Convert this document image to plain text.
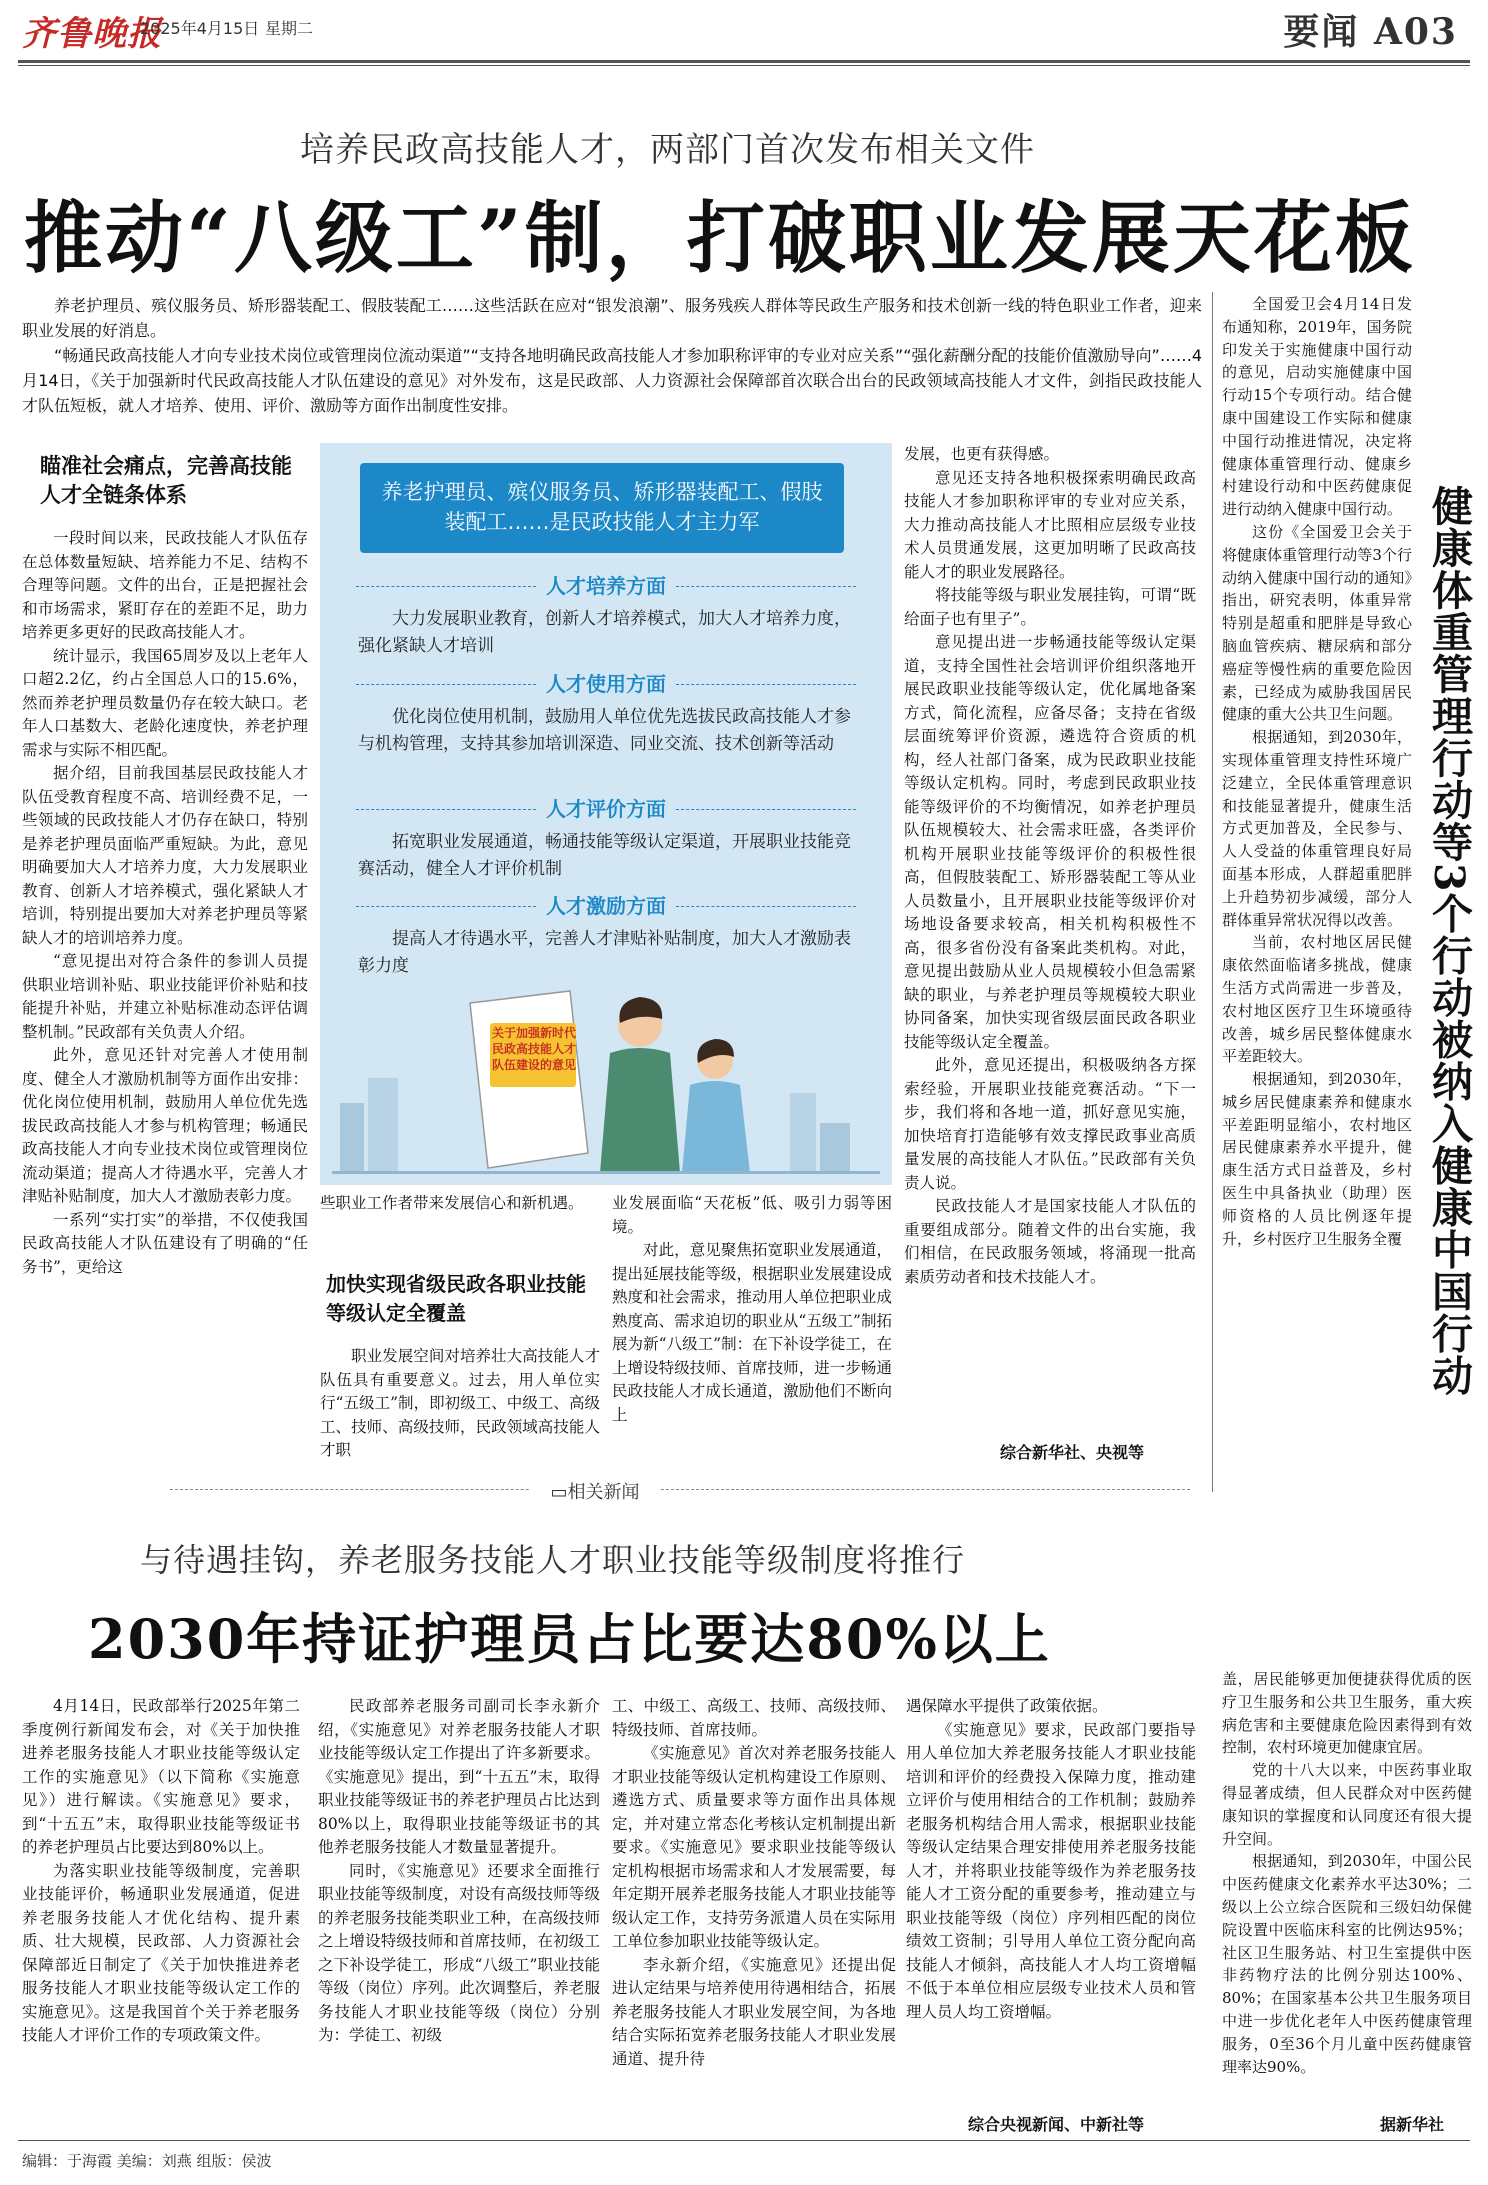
齐鲁晚报
2025年4月15日 星期二	要闻 A03
培养民政高技能人才，两部门首次发布相关文件
推动“八级工”制，打破职业发展天花板

养老护理员、殡仪服务员、矫形器装配工、假肢装配工……这些活跃在应对“银发浪潮”、服务残疾人群体等民政生产服务和技术创新一线的特色职业工作者，迎来职业发展的好消息。

“畅通民政高技能人才向专业技术岗位或管理岗位流动渠道”“支持各地明确民政高技能人才参加职称评审的专业对应关系”“强化薪酬分配的技能价值激励导向”……4月14日，《关于加强新时代民政高技能人才队伍建设的意见》对外发布，这是民政部、人力资源社会保障部首次联合出台的民政领域高技能人才文件，剑指民政技能人才队伍短板，就人才培养、使用、评价、激励等方面作出制度性安排。

瞄准社会痛点，完善高技能人才全链条体系

一段时间以来，民政技能人才队伍存在总体数量短缺、培养能力不足、结构不合理等问题。文件的出台，正是把握社会和市场需求，紧盯存在的差距不足，助力培养更多更好的民政高技能人才。

统计显示，我国65周岁及以上老年人口超2.2亿，约占全国总人口的15.6%，然而养老护理员数量仍存在较大缺口。老年人口基数大、老龄化速度快，养老护理需求与实际不相匹配。

据介绍，目前我国基层民政技能人才队伍受教育程度不高、培训经费不足，一些领域的民政技能人才仍存在缺口，特别是养老护理员面临严重短缺。为此，意见明确要加大人才培养力度，大力发展职业教育、创新人才培养模式，强化紧缺人才培训，特别提出要加大对养老护理员等紧缺人才的培训培养力度。

“意见提出对符合条件的参训人员提供职业培训补贴、职业技能评价补贴和技能提升补贴，并建立补贴标准动态评估调整机制。”民政部有关负责人介绍。

此外，意见还针对完善人才使用制度、健全人才激励机制等方面作出安排：优化岗位使用机制，鼓励用人单位优先选拔民政高技能人才参与机构管理；畅通民政高技能人才向专业技术岗位或管理岗位流动渠道；提高人才待遇水平，完善人才津贴补贴制度，加大人才激励表彰力度。

一系列“实打实”的举措，不仅使我国民政高技能人才队伍建设有了明确的“任务书”，更给这

养老护理员、殡仪服务员、矫形器装配工、假肢装配工……是民政技能人才主力军
人才培养方面
大力发展职业教育，创新人才培养模式，加大人才培养力度，强化紧缺人才培训
人才使用方面
优化岗位使用机制，鼓励用人单位优先选拔民政高技能人才参与机构管理，支持其参加培训深造、同业交流、技术创新等活动
人才评价方面
拓宽职业发展通道，畅通技能等级认定渠道，开展职业技能竞赛活动，健全人才评价机制
人才激励方面
提高人才待遇水平，完善人才津贴补贴制度，加大人才激励表彰力度
关于加强新时代民政高技能人才队伍建设的意见

些职业工作者带来发展信心和新机遇。

加快实现省级民政各职业技能等级认定全覆盖

职业发展空间对培养壮大高技能人才队伍具有重要意义。过去，用人单位实行“五级工”制，即初级工、中级工、高级工、技师、高级技师，民政领域高技能人才职

业发展面临“天花板”低、吸引力弱等困境。

对此，意见聚焦拓宽职业发展通道，提出延展技能等级，根据职业发展建设成熟度和社会需求，推动用人单位把职业成熟度高、需求迫切的职业从“五级工”制拓展为新“八级工”制：在下补设学徒工，在上增设特级技师、首席技师，进一步畅通民政技能人才成长通道，激励他们不断向上

发展，也更有获得感。

意见还支持各地积极探索明确民政高技能人才参加职称评审的专业对应关系，大力推动高技能人才比照相应层级专业技术人员贯通发展，这更加明晰了民政高技能人才的职业发展路径。

将技能等级与职业发展挂钩，可谓“既给面子也有里子”。

意见提出进一步畅通技能等级认定渠道，支持全国性社会培训评价组织落地开展民政职业技能等级认定，优化属地备案方式，简化流程，应备尽备；支持在省级层面统筹评价资源，遴选符合资质的机构，经人社部门备案，成为民政职业技能等级认定机构。同时，考虑到民政职业技能等级评价的不均衡情况，如养老护理员队伍规模较大、社会需求旺盛，各类评价机构开展职业技能等级评价的积极性很高，但假肢装配工、矫形器装配工等从业人员数量小，且开展职业技能等级评价对场地设备要求较高，相关机构积极性不高，很多省份没有备案此类机构。对此，意见提出鼓励从业人员规模较小但急需紧缺的职业，与养老护理员等规模较大职业协同备案，加快实现省级层面民政各职业技能等级认定全覆盖。

此外，意见还提出，积极吸纳各方探索经验，开展职业技能竞赛活动。“下一步，我们将和各地一道，抓好意见实施，加快培育打造能够有效支撑民政事业高质量发展的高技能人才队伍。”民政部有关负责人说。

民政技能人才是国家技能人才队伍的重要组成部分。随着文件的出台实施，我们相信，在民政服务领域，将涌现一批高素质劳动者和技术技能人才。

综合新华社、央视等
▭相关新闻
与待遇挂钩，养老服务技能人才职业技能等级制度将推行
2030年持证护理员占比要达80%以上

4月14日，民政部举行2025年第二季度例行新闻发布会，对《关于加快推进养老服务技能人才职业技能等级认定工作的实施意见》（以下简称《实施意见》）进行解读。《实施意见》要求，到“十五五”末，取得职业技能等级证书的养老护理员占比要达到80%以上。

为落实职业技能等级制度，完善职业技能评价，畅通职业发展通道，促进养老服务技能人才优化结构、提升素质、壮大规模，民政部、人力资源社会保障部近日制定了《关于加快推进养老服务技能人才职业技能等级认定工作的实施意见》。这是我国首个关于养老服务技能人才评价工作的专项政策文件。

民政部养老服务司副司长李永新介绍，《实施意见》对养老服务技能人才职业技能等级认定工作提出了许多新要求。《实施意见》提出，到“十五五”末，取得职业技能等级证书的养老护理员占比达到80%以上，取得职业技能等级证书的其他养老服务技能人才数量显著提升。

同时，《实施意见》还要求全面推行职业技能等级制度，对设有高级技师等级的养老服务技能类职业工种，在高级技师之上增设特级技师和首席技师，在初级工之下补设学徒工，形成“八级工”职业技能等级（岗位）序列。此次调整后，养老服务技能人才职业技能等级（岗位）分别为：学徒工、初级

工、中级工、高级工、技师、高级技师、特级技师、首席技师。

《实施意见》首次对养老服务技能人才职业技能等级认定机构建设工作原则、遴选方式、质量要求等方面作出具体规定，并对建立常态化考核认定机制提出新要求。《实施意见》要求职业技能等级认定机构根据市场需求和人才发展需要，每年定期开展养老服务技能人才职业技能等级认定工作，支持劳务派遣人员在实际用工单位参加职业技能等级认定。

李永新介绍，《实施意见》还提出促进认定结果与培养使用待遇相结合，拓展养老服务技能人才职业发展空间，为各地结合实际拓宽养老服务技能人才职业发展通道、提升待

遇保障水平提供了政策依据。

《实施意见》要求，民政部门要指导用人单位加大养老服务技能人才职业技能培训和评价的经费投入保障力度，推动建立评价与使用相结合的工作机制；鼓励养老服务机构结合用人需求，根据职业技能等级认定结果合理安排使用养老服务技能人才，并将职业技能等级作为养老服务技能人才工资分配的重要参考，推动建立与职业技能等级（岗位）序列相匹配的岗位绩效工资制；引导用人单位工资分配向高技能人才倾斜，高技能人才人均工资增幅不低于本单位相应层级专业技术人员和管理人员人均工资增幅。

综合央视新闻、中新社等

全国爱卫会4月14日发布通知称，2019年，国务院印发关于实施健康中国行动的意见，启动实施健康中国行动15个专项行动。结合健康中国建设工作实际和健康中国行动推进情况，决定将健康体重管理行动、健康乡村建设行动和中医药健康促进行动纳入健康中国行动。

这份《全国爱卫会关于将健康体重管理行动等3个行动纳入健康中国行动的通知》指出，研究表明，体重异常特别是超重和肥胖是导致心脑血管疾病、糖尿病和部分癌症等慢性病的重要危险因素，已经成为威胁我国居民健康的重大公共卫生问题。

根据通知，到2030年，实现体重管理支持性环境广泛建立，全民体重管理意识和技能显著提升，健康生活方式更加普及，全民参与、人人受益的体重管理良好局面基本形成，人群超重肥胖上升趋势初步减缓，部分人群体重异常状况得以改善。

当前，农村地区居民健康依然面临诸多挑战，健康生活方式尚需进一步普及，农村地区医疗卫生环境亟待改善，城乡居民整体健康水平差距较大。

根据通知，到2030年，城乡居民健康素养和健康水平差距明显缩小，农村地区居民健康素养水平提升，健康生活方式日益普及，乡村医生中具备执业（助理）医师资格的人员比例逐年提升，乡村医疗卫生服务全覆 健康体重管理行动等3个行动被纳入健康中国行动

盖，居民能够更加便捷获得优质的医疗卫生服务和公共卫生服务，重大疾病危害和主要健康危险因素得到有效控制，农村环境更加健康宜居。

党的十八大以来，中医药事业取得显著成绩，但人民群众对中医药健康知识的掌握度和认同度还有很大提升空间。

根据通知，到2030年，中国公民中医药健康文化素养水平达30%；二级以上公立综合医院和三级妇幼保健院设置中医临床科室的比例达95%；社区卫生服务站、村卫生室提供中医非药物疗法的比例分别达100%、80%；在国家基本公共卫生服务项目中进一步优化老年人中医药健康管理服务，0至36个月儿童中医药健康管理率达90%。

据新华社
编辑：于海霞 美编：刘燕 组版：侯波
